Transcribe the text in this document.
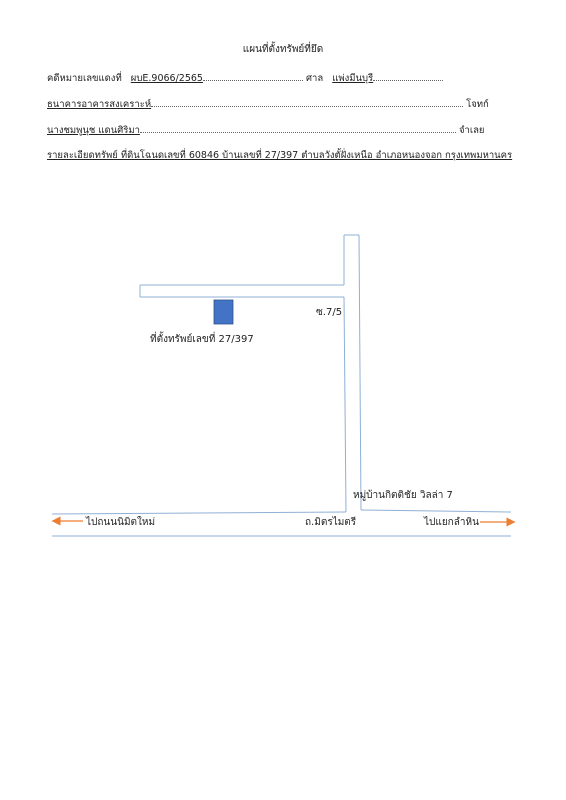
แผนที่ตั้งทรัพย์ที่ยึด
คดีหมายเลขแดงที่ ผบE.9066/2565	ศาล แพ่งมีนบุรี
ธนาคารอาคารสงเคราะห์	โจทก์
นางชมพูนุช แดนศิริมา	จำเลย
รายละเอียดทรัพย์ ที่ดินโฉนดเลขที่ 60846 บ้านเลขที่ 27/397 ตำบลวังตั้ฝั่งเหนือ อำเภอหนองจอก กรุงเทพมหานคร
ที่ตั้งทรัพย์เลขที่ 27/397
ซ.7/5
หมู่บ้านกิตติชัย วิลล่า 7
ไปถนนนิมิตใหม่	ถ.มิตรไมตรี	ไปแยกลำหิน
